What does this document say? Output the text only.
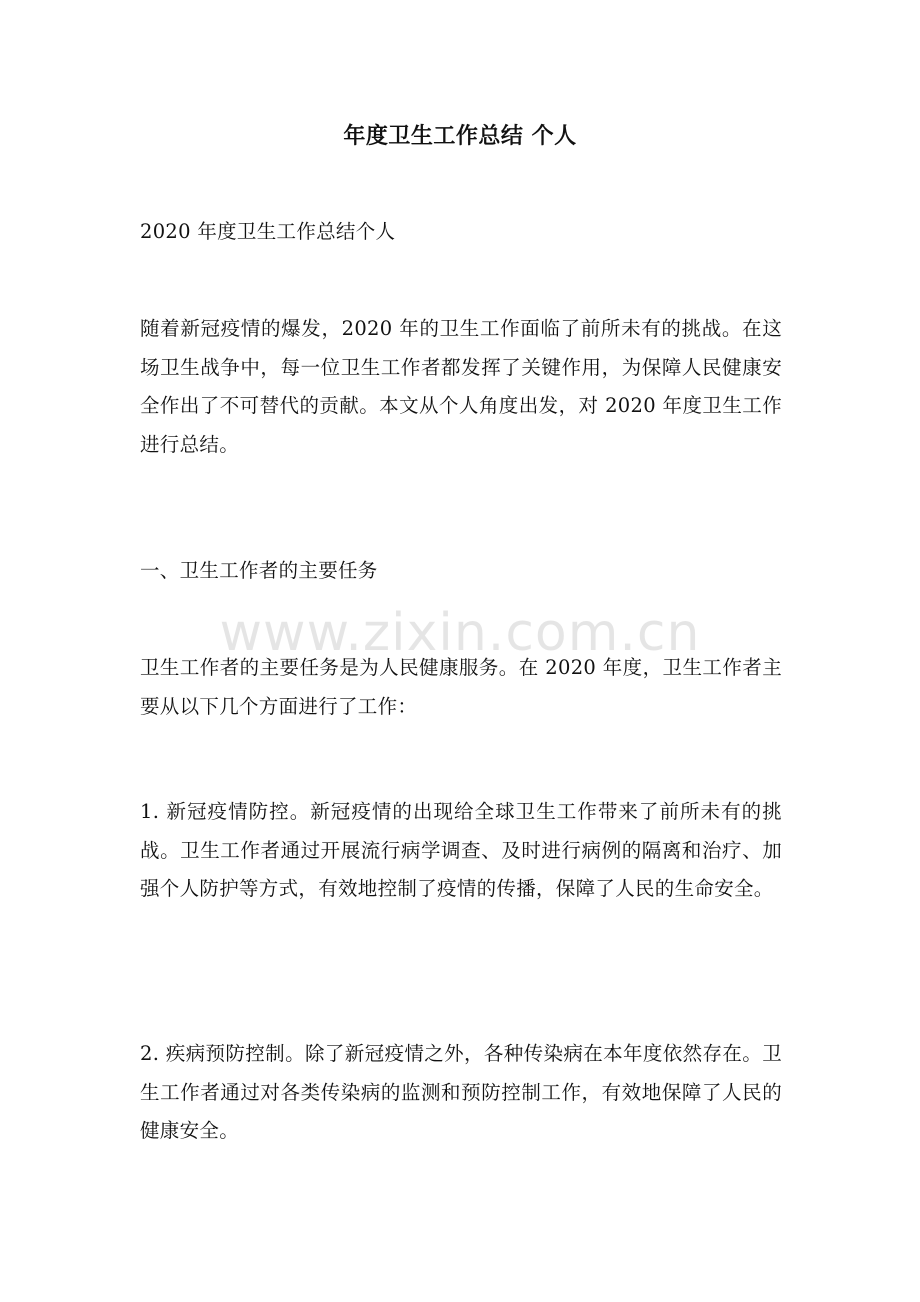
年度卫生工作总结 个人
2020 年度卫生工作总结个人
随着新冠疫情的爆发，2020 年的卫生工作面临了前所未有的挑战。在这场卫生战争中，每一位卫生工作者都发挥了关键作用，为保障人民健康安全作出了不可替代的贡献。本文从个人角度出发，对 2020 年度卫生工作进行总结。
一、卫生工作者的主要任务
卫生工作者的主要任务是为人民健康服务。在 2020 年度，卫生工作者主要从以下几个方面进行了工作：
1. 新冠疫情防控。新冠疫情的出现给全球卫生工作带来了前所未有的挑战。卫生工作者通过开展流行病学调查、及时进行病例的隔离和治疗、加强个人防护等方式，有效地控制了疫情的传播，保障了人民的生命安全。
2. 疾病预防控制。除了新冠疫情之外，各种传染病在本年度依然存在。卫生工作者通过对各类传染病的监测和预防控制工作，有效地保障了人民的健康安全。
www.zixin.com.cn
